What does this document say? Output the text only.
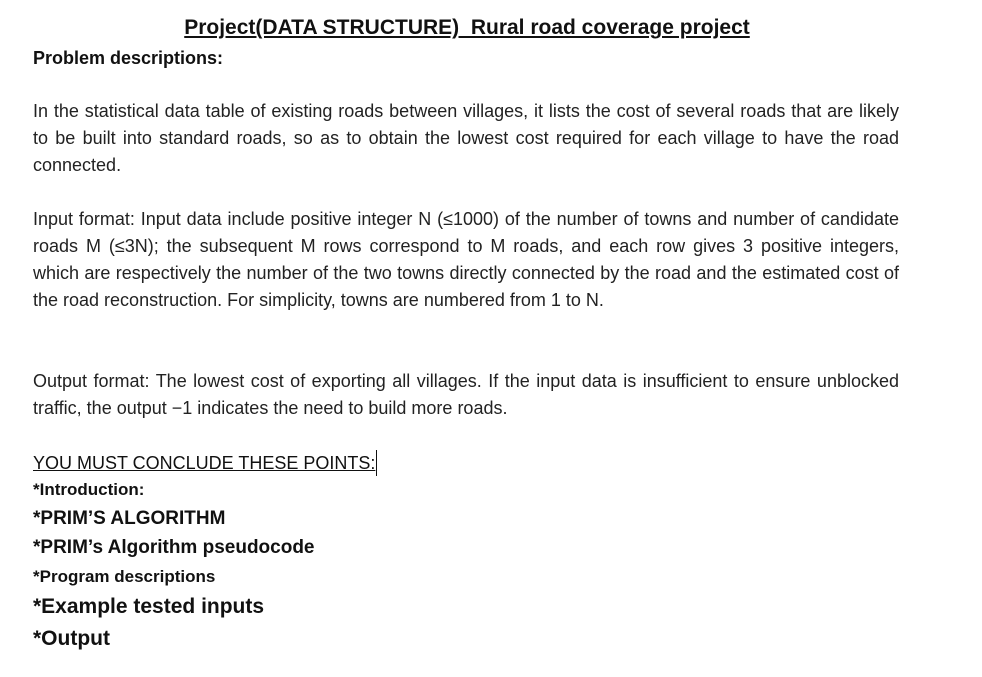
Project(DATA STRUCTURE)  Rural road coverage project
Problem descriptions:
In the statistical data table of existing roads between villages, it lists the cost of several roads that are likely to be built into standard roads, so as to obtain the lowest cost required for each village to have the road connected.
Input format: Input data include positive integer N (≤1000) of the number of towns and number of candidate roads M (≤3N); the subsequent M rows correspond to M roads, and each row gives 3 positive integers, which are respectively the number of the two towns directly connected by the road and the estimated cost of the road reconstruction. For simplicity, towns are numbered from 1 to N.
Output format: The lowest cost of exporting all villages. If the input data is insufficient to ensure unblocked traffic, the output −1 indicates the need to build more roads.
YOU MUST CONCLUDE THESE POINTS:
*Introduction:
*PRIM’S ALGORITHM
*PRIM’s Algorithm pseudocode
*Program descriptions
*Example tested inputs
*Output
